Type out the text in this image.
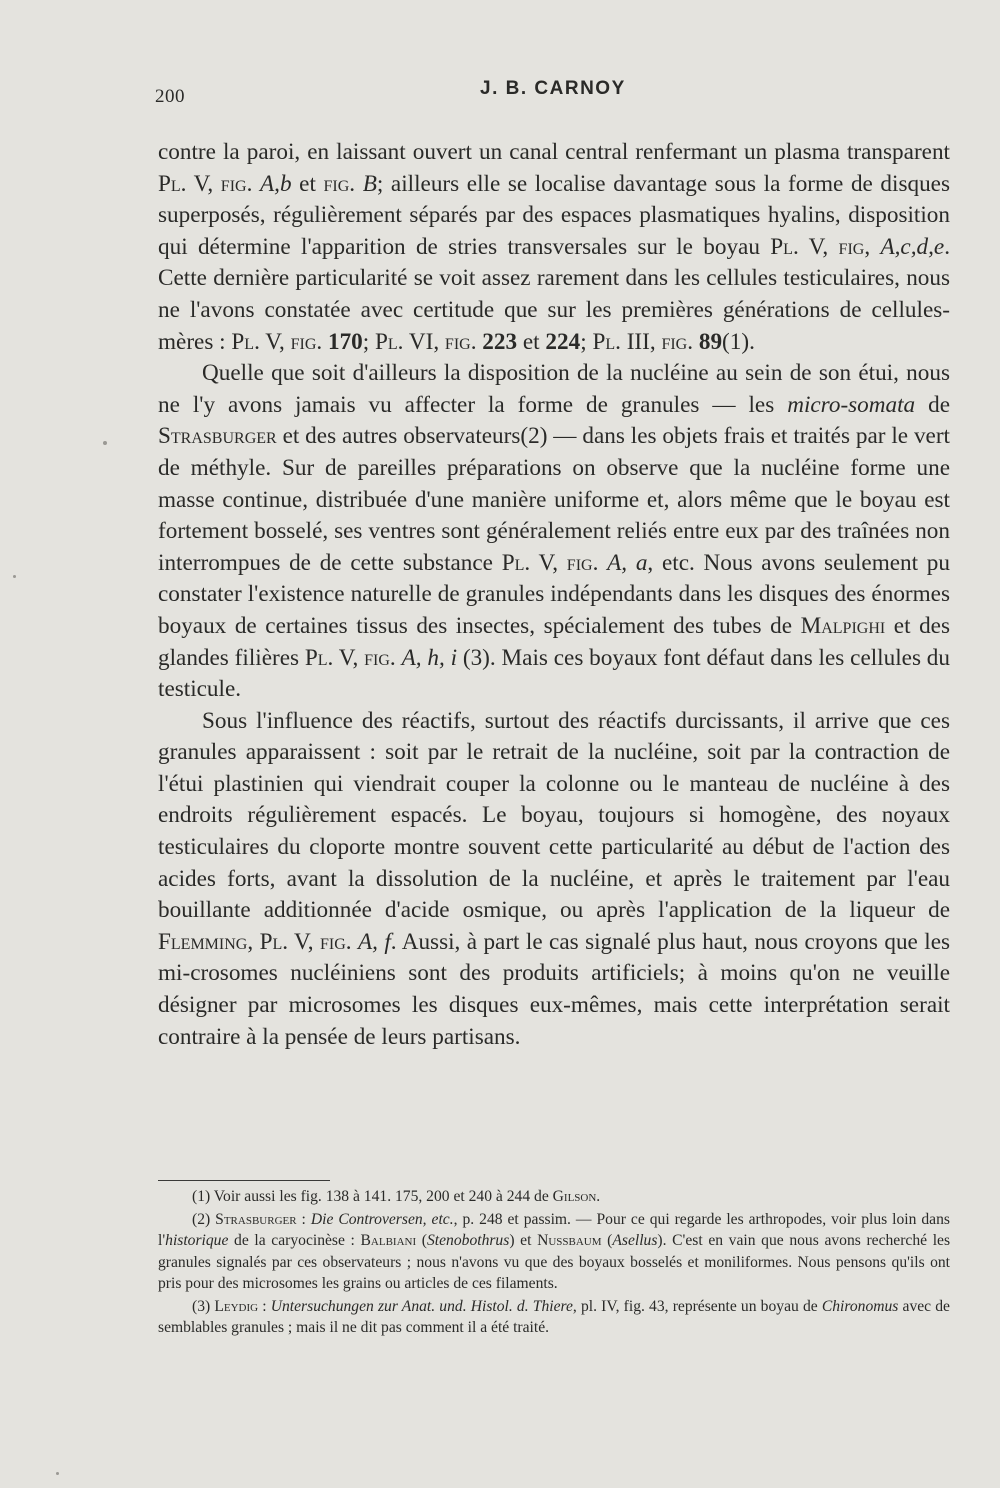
200	J. B. CARNOY

contre la paroi, en laissant ouvert un canal central renfermant un plasma transparent Pl. V, fig. A,b et fig. B; ailleurs elle se localise davantage sous la forme de disques superposés, régulièrement séparés par des espaces plasmatiques hyalins, disposition qui détermine l'apparition de stries transversales sur le boyau Pl. V, fig, A,c,d,e. Cette dernière particularité se voit assez rarement dans les cellules testiculaires, nous ne l'avons constatée avec certitude que sur les premières générations de cellules-mères : Pl. V, fig. 170; Pl. VI, fig. 223 et 224; Pl. III, fig. 89(1).

Quelle que soit d'ailleurs la disposition de la nucléine au sein de son étui, nous ne l'y avons jamais vu affecter la forme de granules — les micro-somata de Strasburger et des autres observateurs(2) — dans les objets frais et traités par le vert de méthyle. Sur de pareilles préparations on observe que la nucléine forme une masse continue, distribuée d'une manière uniforme et, alors même que le boyau est fortement bosselé, ses ventres sont généralement reliés entre eux par des traînées non interrompues de de cette substance Pl. V, fig. A, a, etc. Nous avons seulement pu constater l'existence naturelle de granules indépendants dans les disques des énormes boyaux de certaines tissus des insectes, spécialement des tubes de Malpighi et des glandes filières Pl. V, fig. A, h, i (3). Mais ces boyaux font défaut dans les cellules du testicule.

Sous l'influence des réactifs, surtout des réactifs durcissants, il arrive que ces granules apparaissent : soit par le retrait de la nucléine, soit par la contraction de l'étui plastinien qui viendrait couper la colonne ou le manteau de nucléine à des endroits régulièrement espacés. Le boyau, toujours si homogène, des noyaux testiculaires du cloporte montre souvent cette particularité au début de l'action des acides forts, avant la dissolution de la nucléine, et après le traitement par l'eau bouillante additionnée d'acide osmique, ou après l'application de la liqueur de Flemming, Pl. V, fig. A, f. Aussi, à part le cas signalé plus haut, nous croyons que les mi-crosomes nucléiniens sont des produits artificiels; à moins qu'on ne veuille désigner par microsomes les disques eux-mêmes, mais cette interprétation serait contraire à la pensée de leurs partisans.

(1) Voir aussi les fig. 138 à 141. 175, 200 et 240 à 244 de Gilson.

(2) Strasburger : Die Controversen, etc., p. 248 et passim. — Pour ce qui regarde les arthropodes, voir plus loin dans l'historique de la caryocinèse : Balbiani (Stenobothrus) et Nussbaum (Asellus). C'est en vain que nous avons recherché les granules signalés par ces observateurs ; nous n'avons vu que des boyaux bosselés et moniliformes. Nous pensons qu'ils ont pris pour des microsomes les grains ou articles de ces filaments.

(3) Leydig : Untersuchungen zur Anat. und. Histol. d. Thiere, pl. IV, fig. 43, représente un boyau de Chironomus avec de semblables granules ; mais il ne dit pas comment il a été traité.
